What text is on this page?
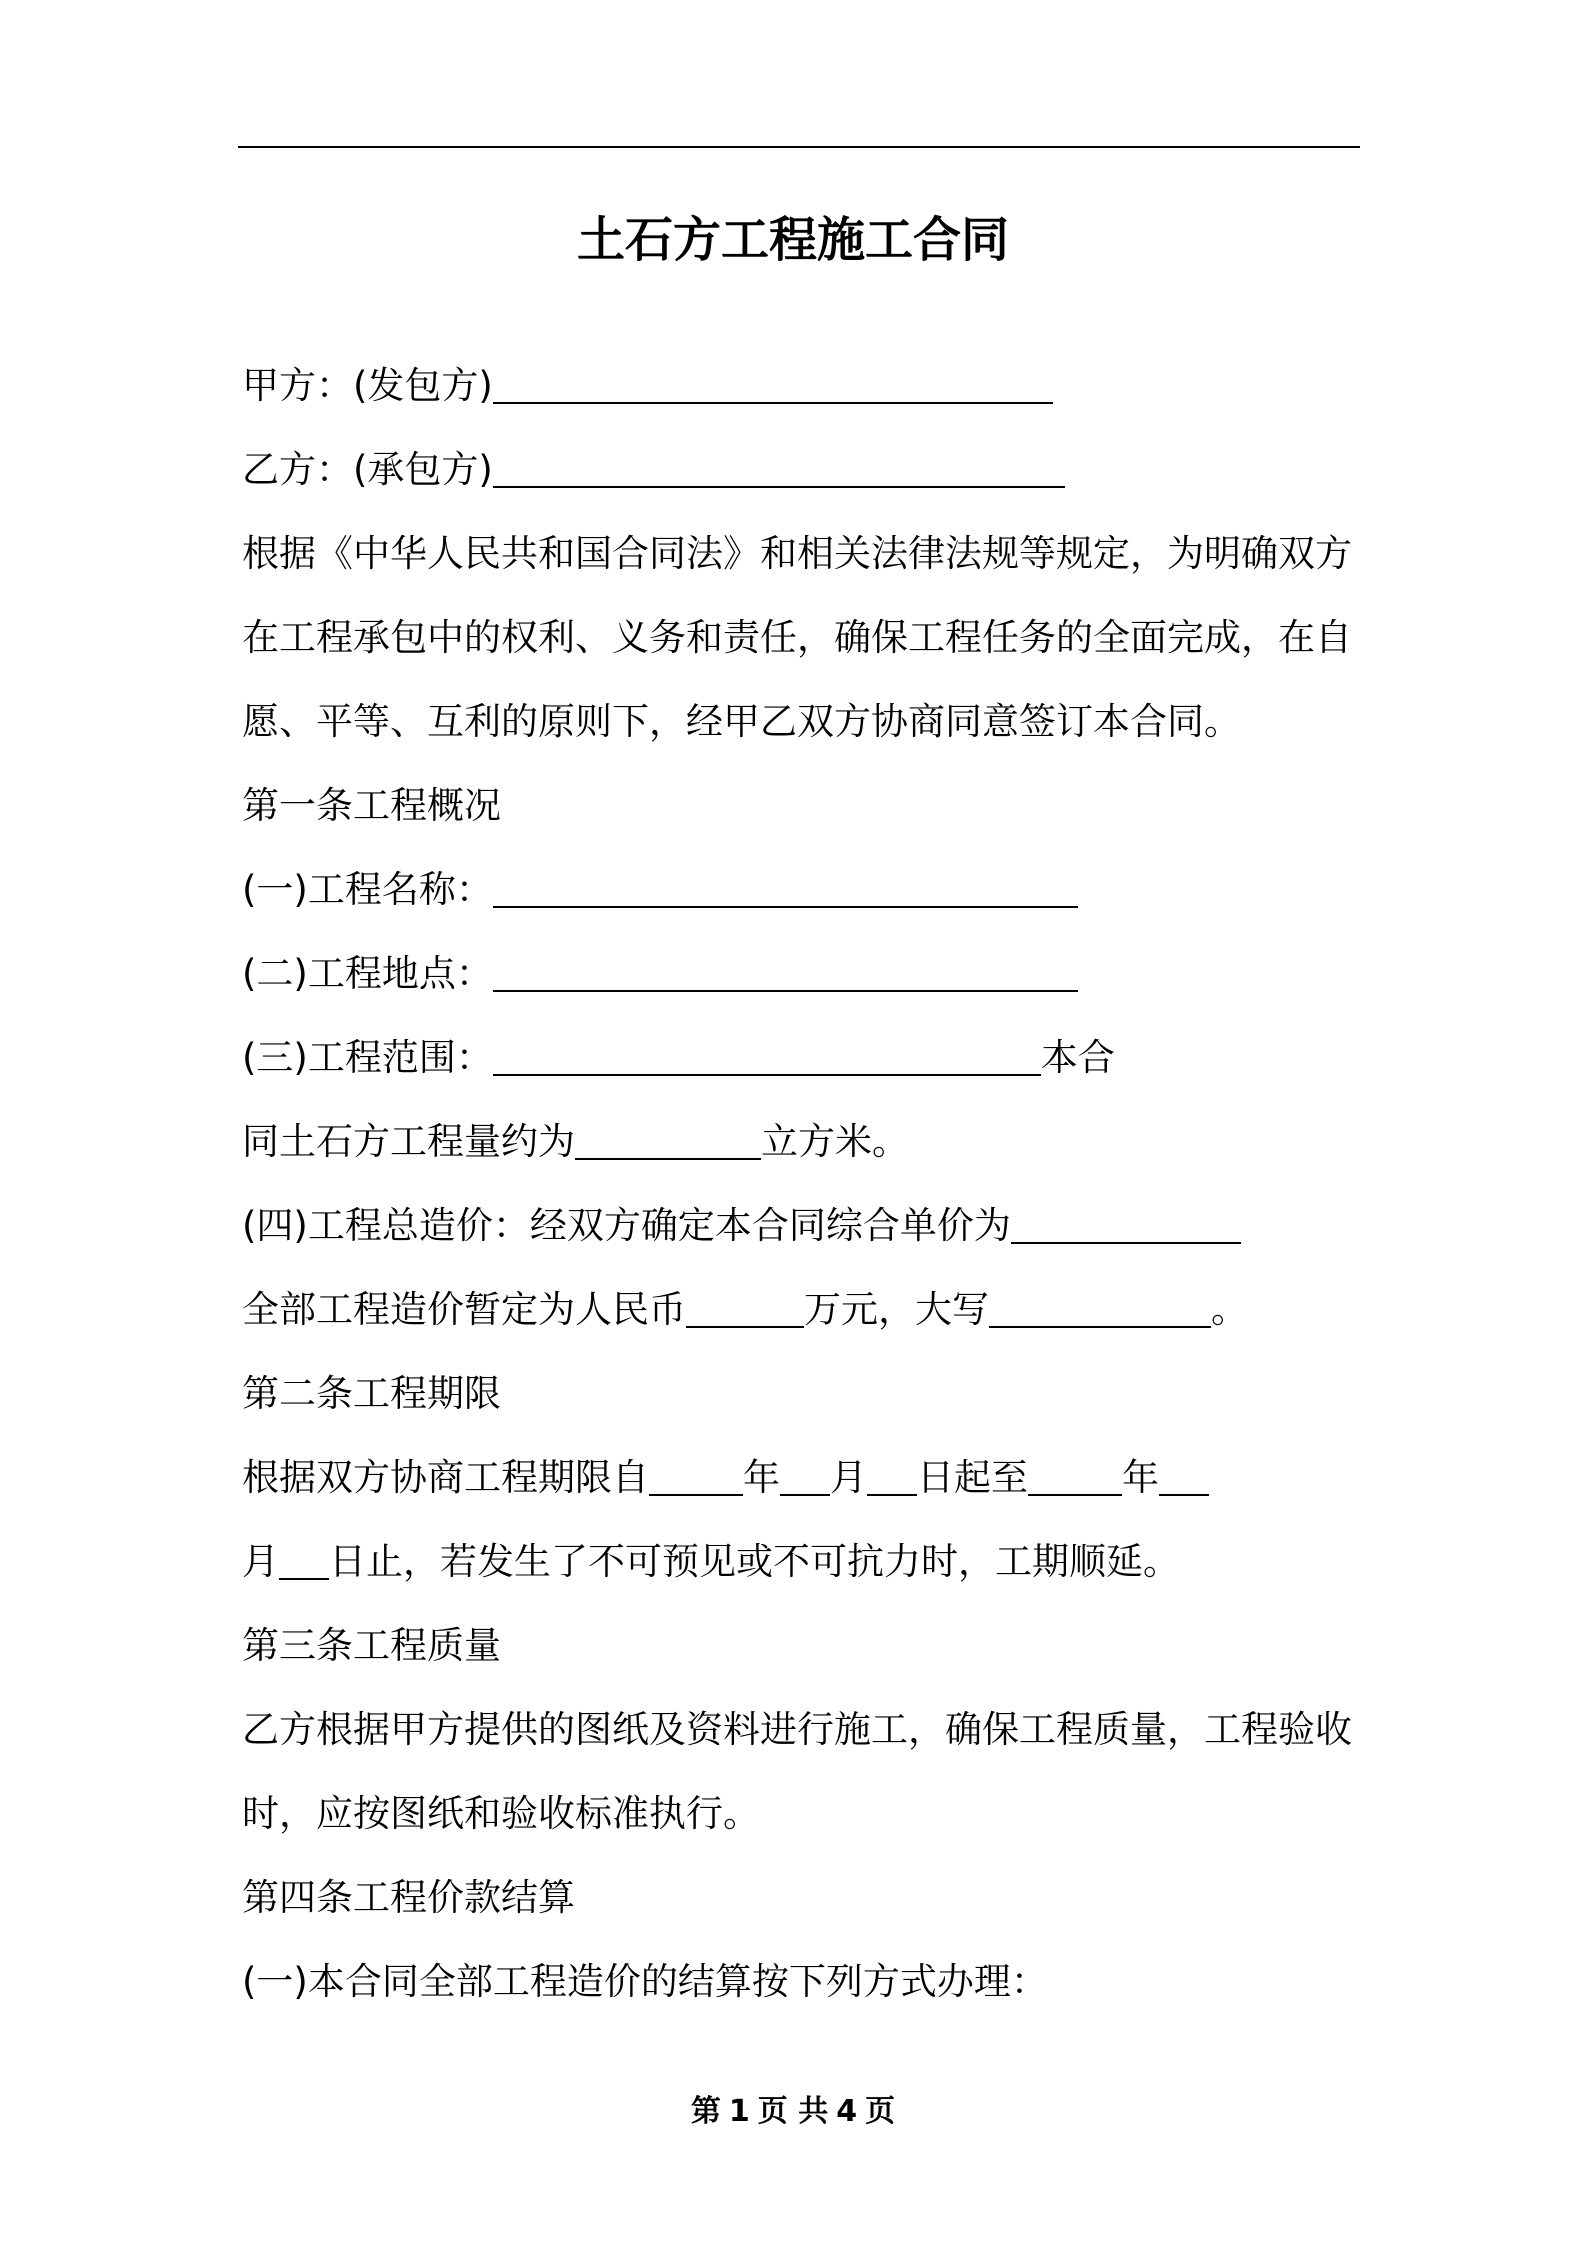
土石方工程施工合同
甲方：(发包方)
乙方：(承包方)
根据《中华人民共和国合同法》和相关法律法规等规定，为明确双方
在工程承包中的权利、义务和责任，确保工程任务的全面完成，在自
愿、平等、互利的原则下，经甲乙双方协商同意签订本合同。
第一条工程概况
(一)工程名称：
(二)工程地点：
(三)工程范围：	本合
同土石方工程量约为	立方米。
(四)工程总造价：经双方确定本合同综合单价为
全部工程造价暂定为人民币	万元，大写	。
第二条工程期限
根据双方协商工程期限自	年 月 日起至	年
月 日止，若发生了不可预见或不可抗力时，工期顺延。
第三条工程质量
乙方根据甲方提供的图纸及资料进行施工，确保工程质量，工程验收
时，应按图纸和验收标准执行。
第四条工程价款结算
(一)本合同全部工程造价的结算按下列方式办理：
第 1 页 共 4 页
